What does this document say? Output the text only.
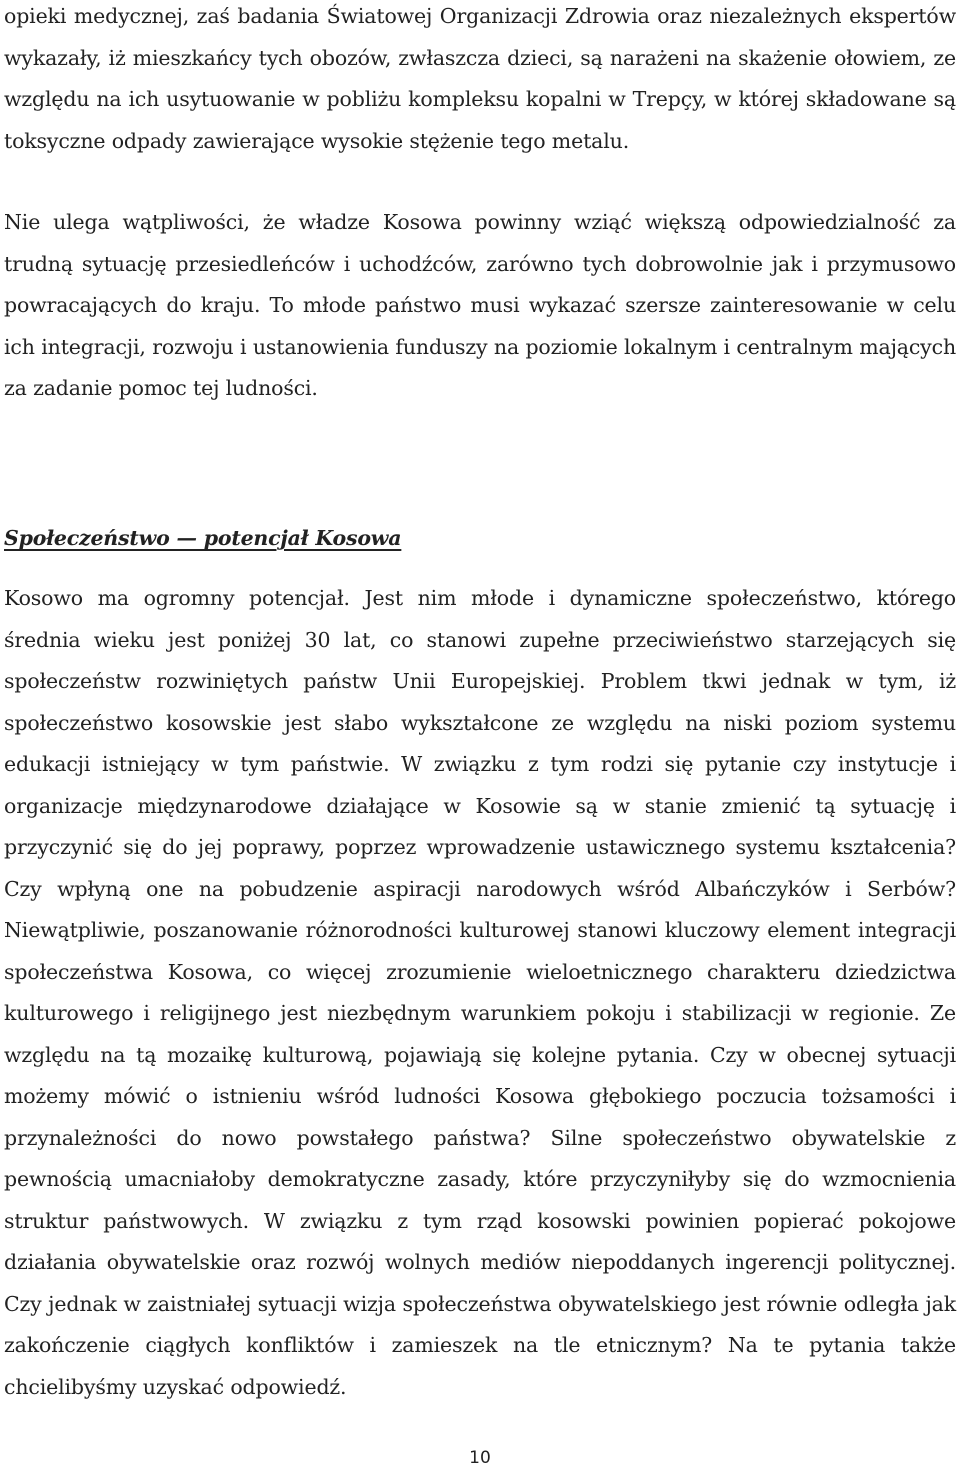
opieki medycznej, zaś badania Światowej Organizacji Zdrowia oraz niezależnych ekspertów wykazały, iż mieszkańcy tych obozów, zwłaszcza dzieci, są narażeni na skażenie ołowiem, ze względu na ich usytuowanie w pobliżu kompleksu kopalni w Trepçy, w której składowane są toksyczne odpady zawierające wysokie stężenie tego metalu.

Nie ulega wątpliwości, że władze Kosowa powinny wziąć większą odpowiedzialność za trudną sytuację przesiedleńców i uchodźców, zarówno tych dobrowolnie jak i przymusowo powracających do kraju. To młode państwo musi wykazać szersze zainteresowanie w celu ich integracji, rozwoju i ustanowienia funduszy na poziomie lokalnym i centralnym mających za zadanie pomoc tej ludności.

Społeczeństwo — potencjał Kosowa

Kosowo ma ogromny potencjał. Jest nim młode i dynamiczne społeczeństwo, którego średnia wieku jest poniżej 30 lat, co stanowi zupełne przeciwieństwo starzejących się społeczeństw rozwiniętych państw Unii Europejskiej. Problem tkwi jednak w tym, iż społeczeństwo kosowskie jest słabo wykształcone ze względu na niski poziom systemu edukacji istniejący w tym państwie. W związku z tym rodzi się pytanie czy instytucje i organizacje międzynarodowe działające w Kosowie są w stanie zmienić tą sytuację i przyczynić się do jej poprawy, poprzez wprowadzenie ustawicznego systemu kształcenia? Czy wpłyną one na pobudzenie aspiracji narodowych wśród Albańczyków i Serbów? Niewątpliwie, poszanowanie różnorodności kulturowej stanowi kluczowy element integracji społeczeństwa Kosowa, co więcej zrozumienie wieloetnicznego charakteru dziedzictwa kulturowego i religijnego jest niezbędnym warunkiem pokoju i stabilizacji w regionie. Ze względu na tą mozaikę kulturową, pojawiają się kolejne pytania. Czy w obecnej sytuacji możemy mówić o istnieniu wśród ludności Kosowa głębokiego poczucia tożsamości i przynależności do nowo powstałego państwa? Silne społeczeństwo obywatelskie z pewnością umacniałoby demokratyczne zasady, które przyczyniłyby się do wzmocnienia struktur państwowych. W związku z tym rząd kosowski powinien popierać pokojowe działania obywatelskie oraz rozwój wolnych mediów niepoddanych ingerencji politycznej. Czy jednak w zaistniałej sytuacji wizja społeczeństwa obywatelskiego jest równie odległa jak zakończenie ciągłych konfliktów i zamieszek na tle etnicznym? Na te pytania także chcielibyśmy uzyskać odpowiedź.

10
